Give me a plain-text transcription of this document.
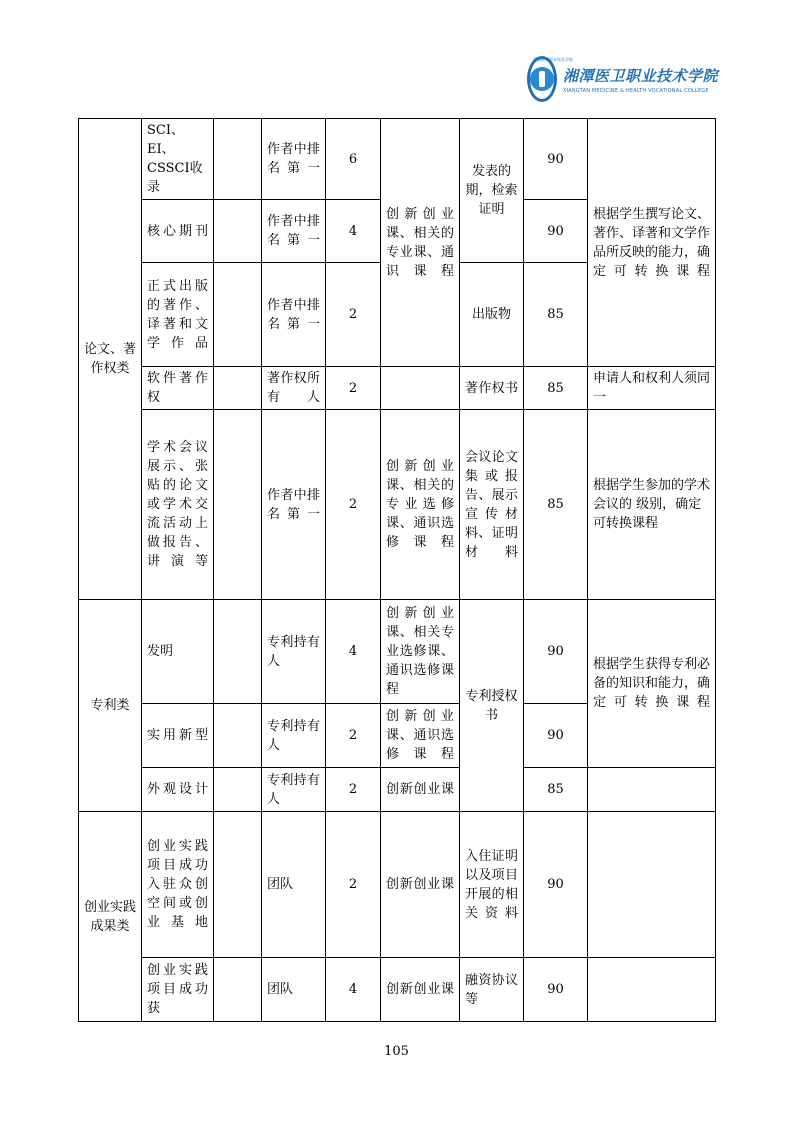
湘潭医卫职业技术学院
湘潭医卫职业技术学院
XIANGTAN MEDICINE & HEALTH VOCATIONAL COLLEGE
论文、著作权类	SCI、EI、CSSCI收录		作者中排名第一	6	创新创业课、相关的专业课、通识课程	发表的期，检索证明	90	根据学生撰写论文、著作、译著和文学作品所反映的能力，确定可转换课程
	核心期刊		作者中排名第一	4			90	
	正式出版的著作、译著和文学作品		作者中排名第一	2		出版物	85	
	软件著作权		著作权所有人	2		著作权书	85	申请人和权利人须同一
	学术会议展示、张贴的论文或学术交流活动上做报告、讲演等		作者中排名第一	2	创新创业课、相关的专业选修课、通识选修课程	会议论文集或报告、展示宣传材料、证明材料	85	根据学生参加的学术会议的 级别，确定可转换课程
专利类	发明		专利持有人	4	创新创业课、相关专业选修课、通识选修课程	专利授权书	90	根据学生获得专利必备的知识和能力，确定可转换课程
	实用新型		专利持有人	2	创新创业课、通识选修课程		90	
	外观设计		专利持有人	2	创新创业课		85	
创业实践成果类	创业实践项目成功入驻众创空间或创业基地		团队	2	创新创业课	入住证明以及项目开展的相关资料	90	
	创业实践项目成功获		团队	4	创新创业课	融资协议等	90	
105
